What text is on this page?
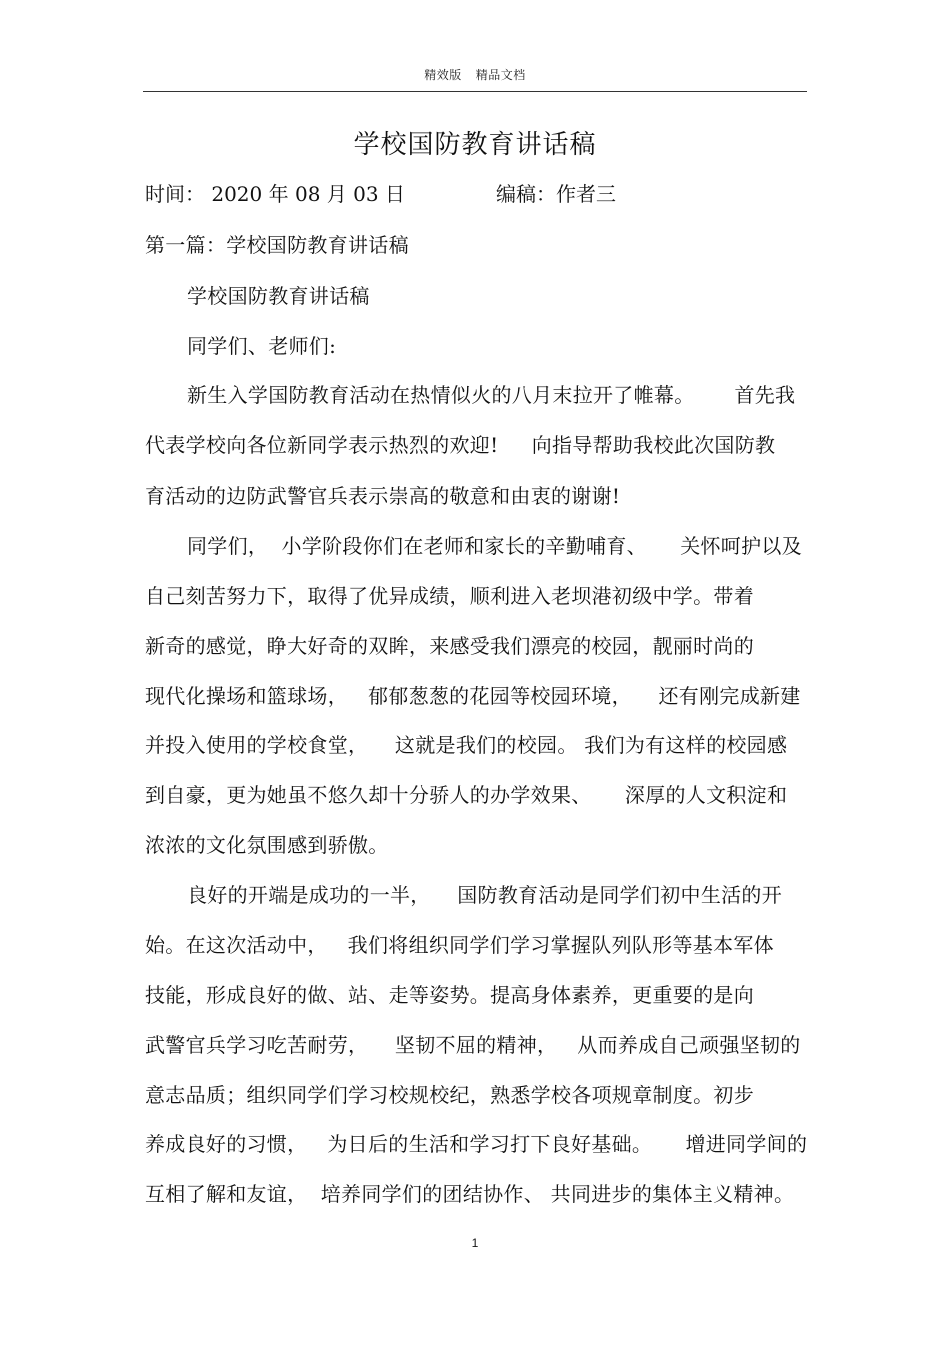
精效版 精品文档
学校国防教育讲话稿
时间： 2020 年 08 月 03 日	编稿：作者三
第一篇：学校国防教育讲话稿
学校国防教育讲话稿
同学们、老师们:
新生入学国防教育活动在热情似火的八月末拉开了帷幕。      首先我
代表学校向各位新同学表示热烈的欢迎!     向指导帮助我校此次国防教
育活动的边防武警官兵表示崇高的敬意和由衷的谢谢!
同学们，  小学阶段你们在老师和家长的辛勤哺育、     关怀呵护以及
自己刻苦努力下，取得了优异成绩，顺利进入老坝港初级中学。带着
新奇的感觉，睁大好奇的双眸，来感受我们漂亮的校园，靓丽时尚的
现代化操场和篮球场，   郁郁葱葱的花园等校园环境，    还有刚完成新建
并投入使用的学校食堂，    这就是我们的校园。 我们为有这样的校园感
到自豪，更为她虽不悠久却十分骄人的办学效果、     深厚的人文积淀和
浓浓的文化氛围感到骄傲。
良好的开端是成功的一半，    国防教育活动是同学们初中生活的开
始。在这次活动中，   我们将组织同学们学习掌握队列队形等基本军体
技能，形成良好的做、站、走等姿势。提高身体素养，更重要的是向
武警官兵学习吃苦耐劳，    坚韧不屈的精神，   从而养成自己顽强坚韧的
意志品质；组织同学们学习校规校纪，熟悉学校各项规章制度。初步
养成良好的习惯，   为日后的生活和学习打下良好基础。     增进同学间的
互相了解和友谊，  培养同学们的团结协作、 共同进步的集体主义精神。
1
